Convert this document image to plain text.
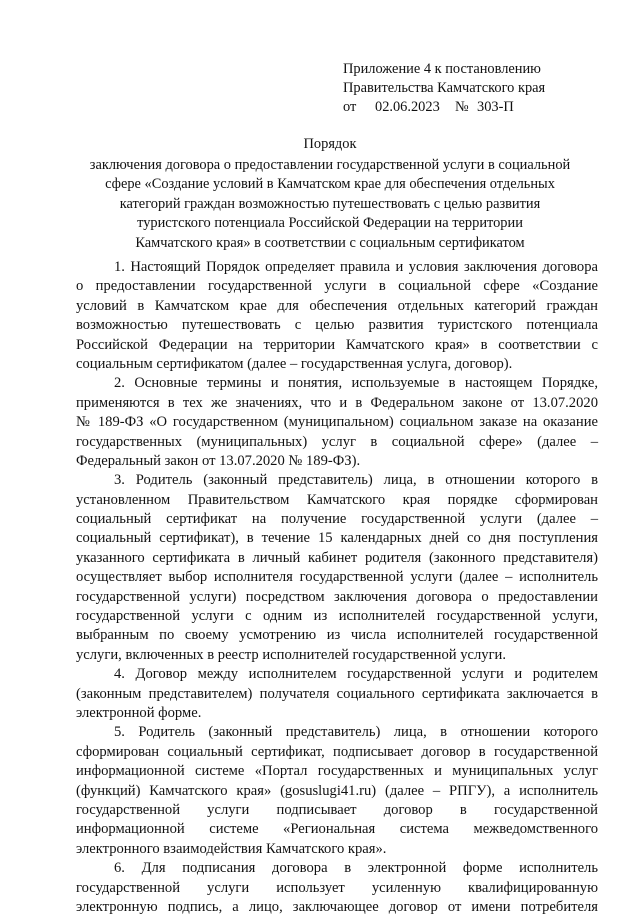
Приложение 4 к постановлению
Правительства Камчатского края
от 02.06.2023 № 303-П
Порядок
заключения договора о предоставлении государственной услуги в социальной
сфере «Создание условий в Камчатском крае для обеспечения отдельных
категорий граждан возможностью путешествовать с целью развития
туристского потенциала Российской Федерации на территории
Камчатского края» в соответствии с социальным сертификатом
1. Настоящий Порядок определяет правила и условия заключения договора
о предоставлении государственной услуги в социальной сфере «Создание
условий в Камчатском крае для обеспечения отдельных категорий граждан
возможностью путешествовать с целью развития туристского потенциала
Российской Федерации на территории Камчатского края» в соответствии с
социальным сертификатом (далее – государственная услуга, договор).
2. Основные термины и понятия, используемые в настоящем Порядке,
применяются в тех же значениях, что и в Федеральном законе от 13.07.2020
№ 189-ФЗ «О государственном (муниципальном) социальном заказе на оказание
государственных (муниципальных) услуг в социальной сфере» (далее –
Федеральный закон от 13.07.2020 № 189-ФЗ).
3. Родитель (законный представитель) лица, в отношении которого в
установленном Правительством Камчатского края порядке сформирован
социальный сертификат на получение государственной услуги (далее –
социальный сертификат), в течение 15 календарных дней со дня поступления
указанного сертификата в личный кабинет родителя (законного представителя)
осуществляет выбор исполнителя государственной услуги (далее – исполнитель
государственной услуги) посредством заключения договора о предоставлении
государственной услуги с одним из исполнителей государственной услуги,
выбранным по своему усмотрению из числа исполнителей государственной
услуги, включенных в реестр исполнителей государственной услуги.
4. Договор между исполнителем государственной услуги и родителем
(законным представителем) получателя социального сертификата заключается в
электронной форме.
5. Родитель (законный представитель) лица, в отношении которого
сформирован социальный сертификат, подписывает договор в государственной
информационной системе «Портал государственных и муниципальных услуг
(функций) Камчатского края» (gosuslugi41.ru) (далее – РПГУ), а исполнитель
государственной услуги подписывает договор в государственной
информационной системе «Региональная система межведомственного
электронного взаимодействия Камчатского края».
6. Для подписания договора в электронной форме исполнитель
государственной услуги использует усиленную квалифицированную
электронную подпись, а лицо, заключающее договор от имени потребителя
